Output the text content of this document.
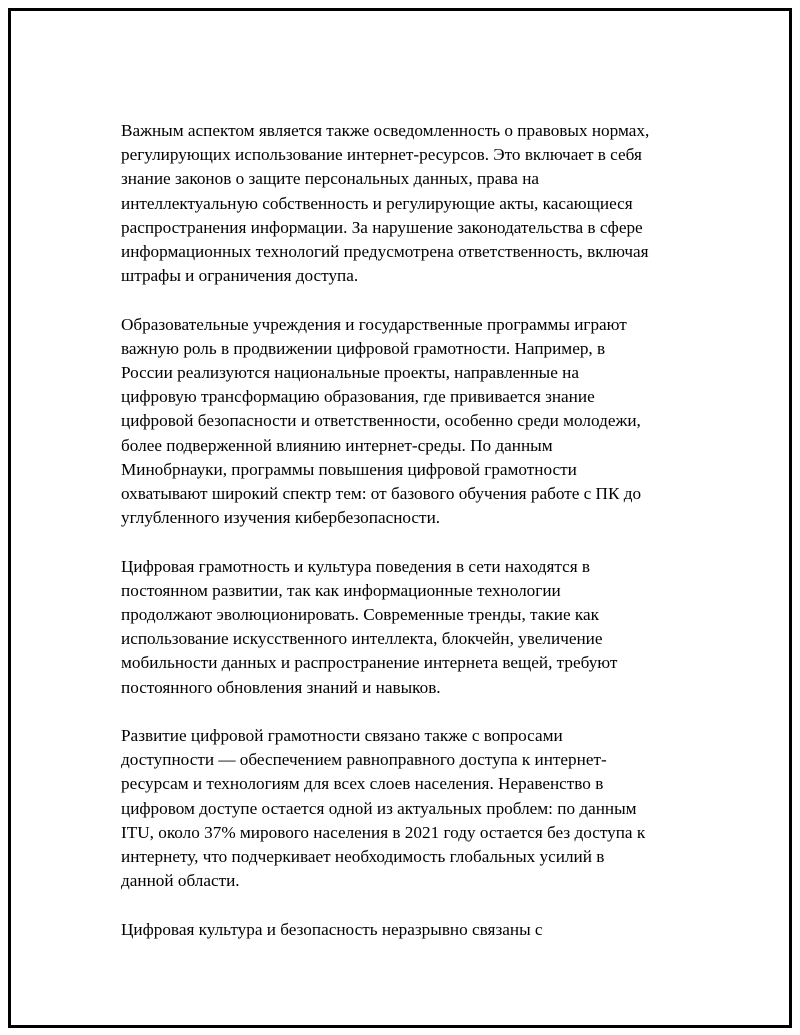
Важным аспектом является также осведомленность о правовых нормах,
регулирующих использование интернет-ресурсов. Это включает в себя
знание законов о защите персональных данных, права на
интеллектуальную собственность и регулирующие акты, касающиеся
распространения информации. За нарушение законодательства в сфере
информационных технологий предусмотрена ответственность, включая
штрафы и ограничения доступа.

Образовательные учреждения и государственные программы играют
важную роль в продвижении цифровой грамотности. Например, в
России реализуются национальные проекты, направленные на
цифровую трансформацию образования, где прививается знание
цифровой безопасности и ответственности, особенно среди молодежи,
более подверженной влиянию интернет-среды. По данным
Минобрнауки, программы повышения цифровой грамотности
охватывают широкий спектр тем: от базового обучения работе с ПК до
углубленного изучения кибербезопасности.

Цифровая грамотность и культура поведения в сети находятся в
постоянном развитии, так как информационные технологии
продолжают эволюционировать. Современные тренды, такие как
использование искусственного интеллекта, блокчейн, увеличение
мобильности данных и распространение интернета вещей, требуют
постоянного обновления знаний и навыков.

Развитие цифровой грамотности связано также с вопросами
доступности — обеспечением равноправного доступа к интернет-
ресурсам и технологиям для всех слоев населения. Неравенство в
цифровом доступе остается одной из актуальных проблем: по данным
ITU, около 37% мирового населения в 2021 году остается без доступа к
интернету, что подчеркивает необходимость глобальных усилий в
данной области.

Цифровая культура и безопасность неразрывно связаны с
